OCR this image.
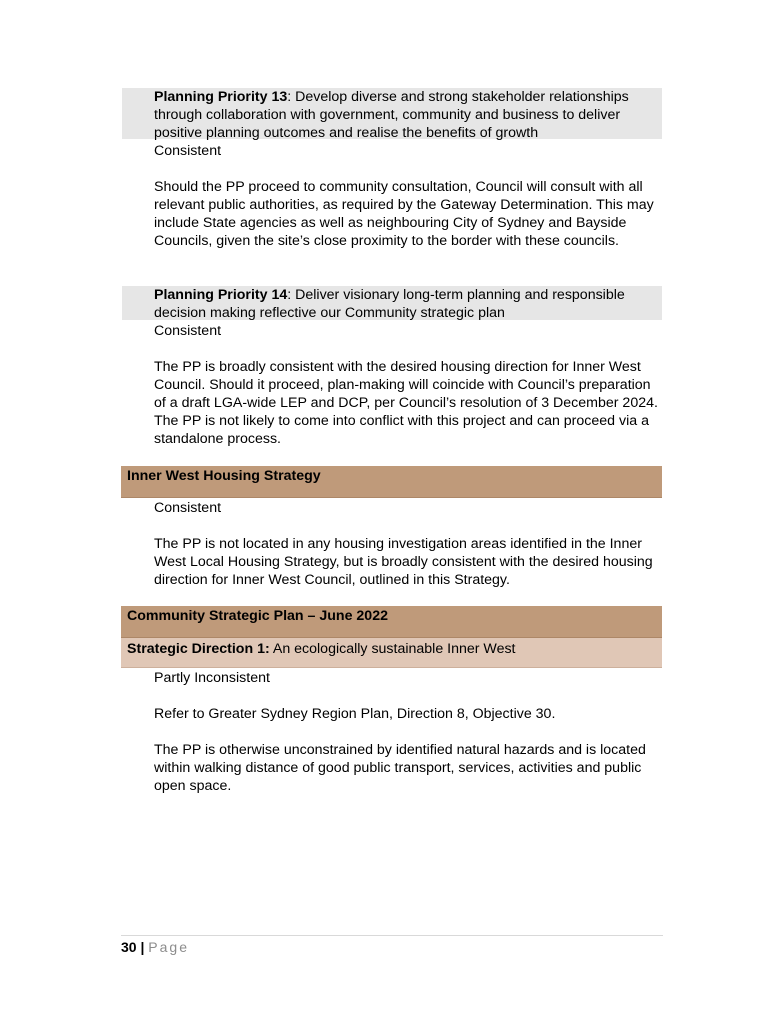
Planning Priority 13: Develop diverse and strong stakeholder relationships through collaboration with government, community and business to deliver positive planning outcomes and realise the benefits of growth
Consistent
Should the PP proceed to community consultation, Council will consult with all relevant public authorities, as required by the Gateway Determination. This may include State agencies as well as neighbouring City of Sydney and Bayside Councils, given the site’s close proximity to the border with these councils.
Planning Priority 14: Deliver visionary long-term planning and responsible decision making reflective our Community strategic plan
Consistent
The PP is broadly consistent with the desired housing direction for Inner West Council. Should it proceed, plan-making will coincide with Council’s preparation of a draft LGA-wide LEP and DCP, per Council’s resolution of 3 December 2024. The PP is not likely to come into conflict with this project and can proceed via a standalone process.
Inner West Housing Strategy
Consistent
The PP is not located in any housing investigation areas identified in the Inner West Local Housing Strategy, but is broadly consistent with the desired housing direction for Inner West Council, outlined in this Strategy.
Community Strategic Plan – June 2022
Strategic Direction 1: An ecologically sustainable Inner West
Partly Inconsistent
Refer to Greater Sydney Region Plan, Direction 8, Objective 30.
The PP is otherwise unconstrained by identified natural hazards and is located within walking distance of good public transport, services, activities and public open space.
30 | Page
